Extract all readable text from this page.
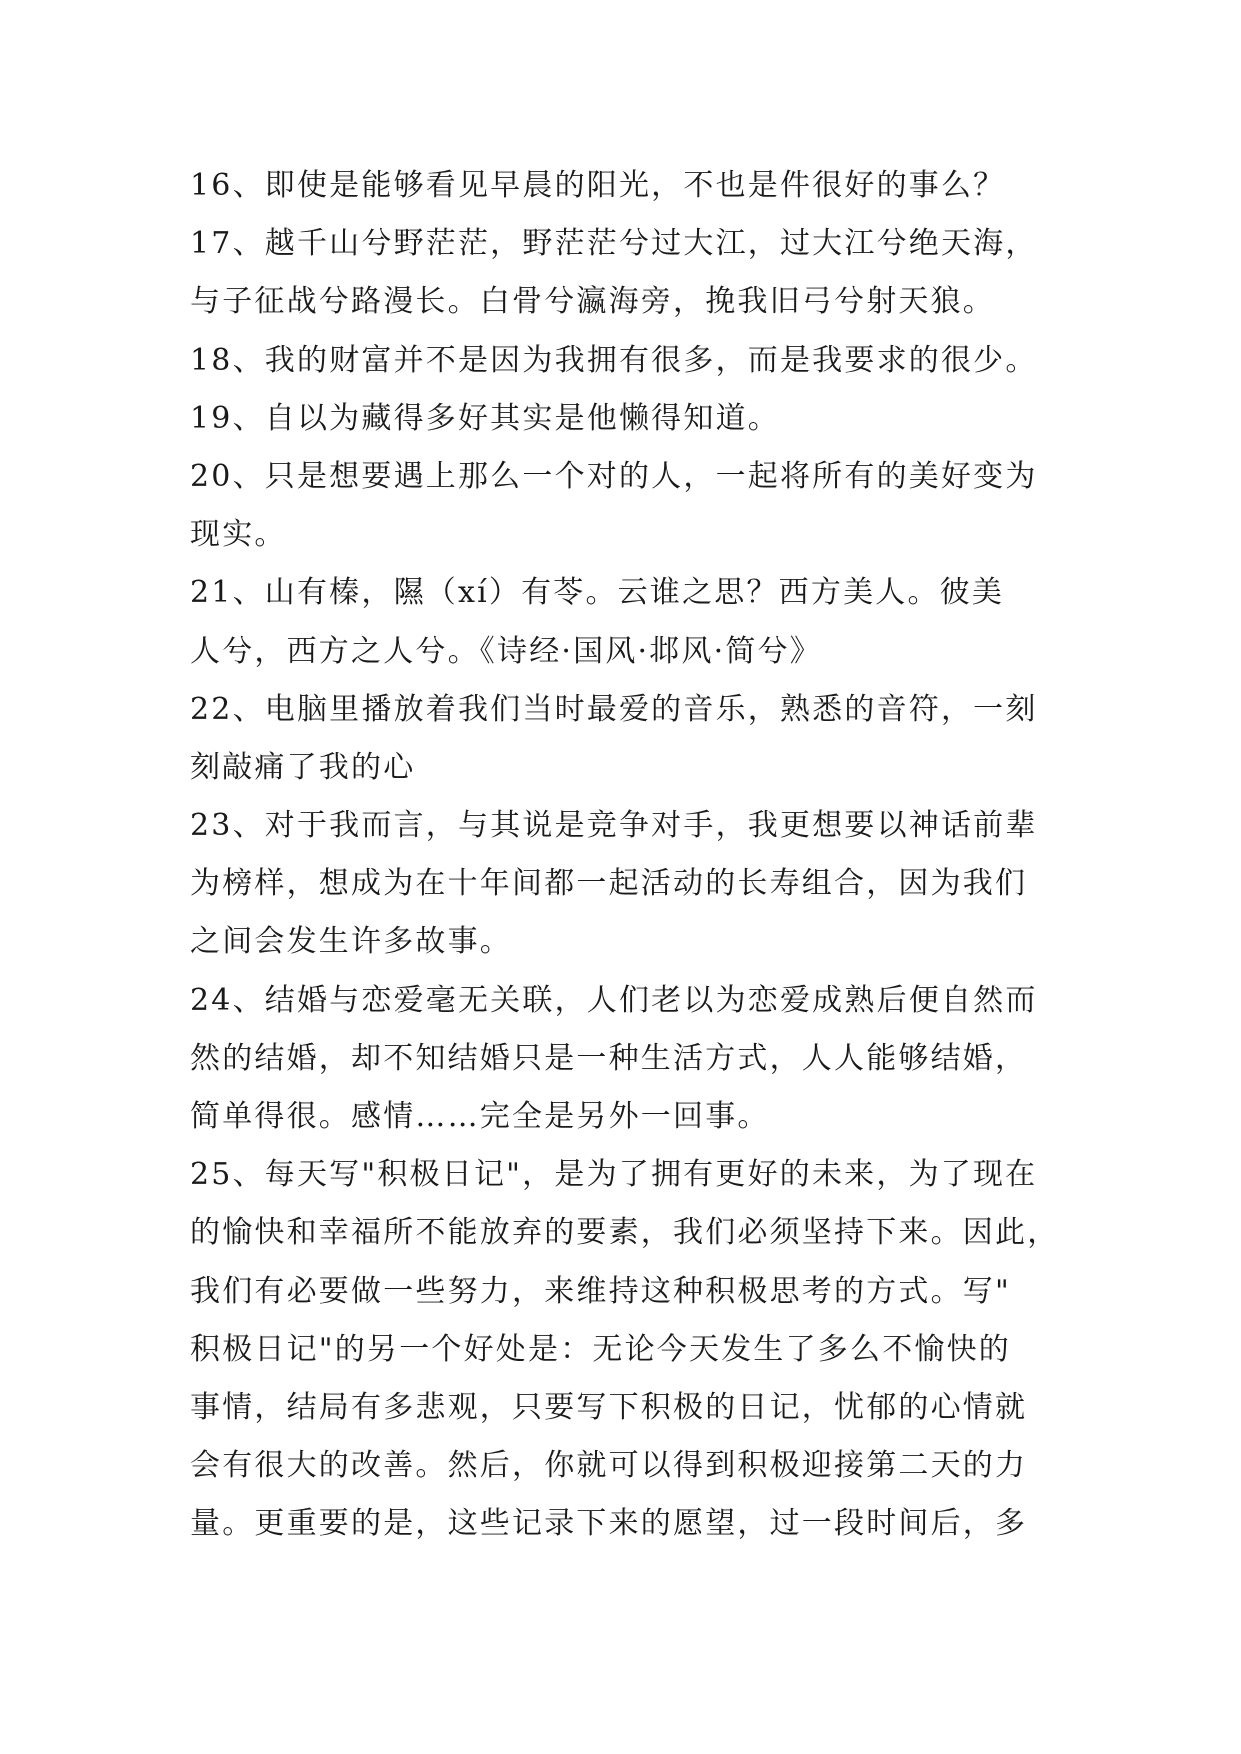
16、即使是能够看见早晨的阳光，不也是件很好的事么？
17、越千山兮野茫茫，野茫茫兮过大江，过大江兮绝天海，
与子征战兮路漫长。白骨兮瀛海旁，挽我旧弓兮射天狼。
18、我的财富并不是因为我拥有很多，而是我要求的很少。
19、自以为藏得多好其实是他懒得知道。
20、只是想要遇上那么一个对的人，一起将所有的美好变为
现实。
21、山有榛，隰（xí）有苓。云谁之思？西方美人。彼美
人兮，西方之人兮。《诗经·国风·邶风·简兮》
22、电脑里播放着我们当时最爱的音乐，熟悉的音符，一刻
刻敲痛了我的心
23、对于我而言，与其说是竞争对手，我更想要以神话前辈
为榜样，想成为在十年间都一起活动的长寿组合，因为我们
之间会发生许多故事。
24、结婚与恋爱毫无关联，人们老以为恋爱成熟后便自然而
然的结婚，却不知结婚只是一种生活方式，人人能够结婚，
简单得很。感情……完全是另外一回事。
25、每天写"积极日记"，是为了拥有更好的未来，为了现在
的愉快和幸福所不能放弃的要素，我们必须坚持下来。因此，
我们有必要做一些努力，来维持这种积极思考的方式。写"
积极日记"的另一个好处是：无论今天发生了多么不愉快的
事情，结局有多悲观，只要写下积极的日记，忧郁的心情就
会有很大的改善。然后，你就可以得到积极迎接第二天的力
量。更重要的是，这些记录下来的愿望，过一段时间后，多
